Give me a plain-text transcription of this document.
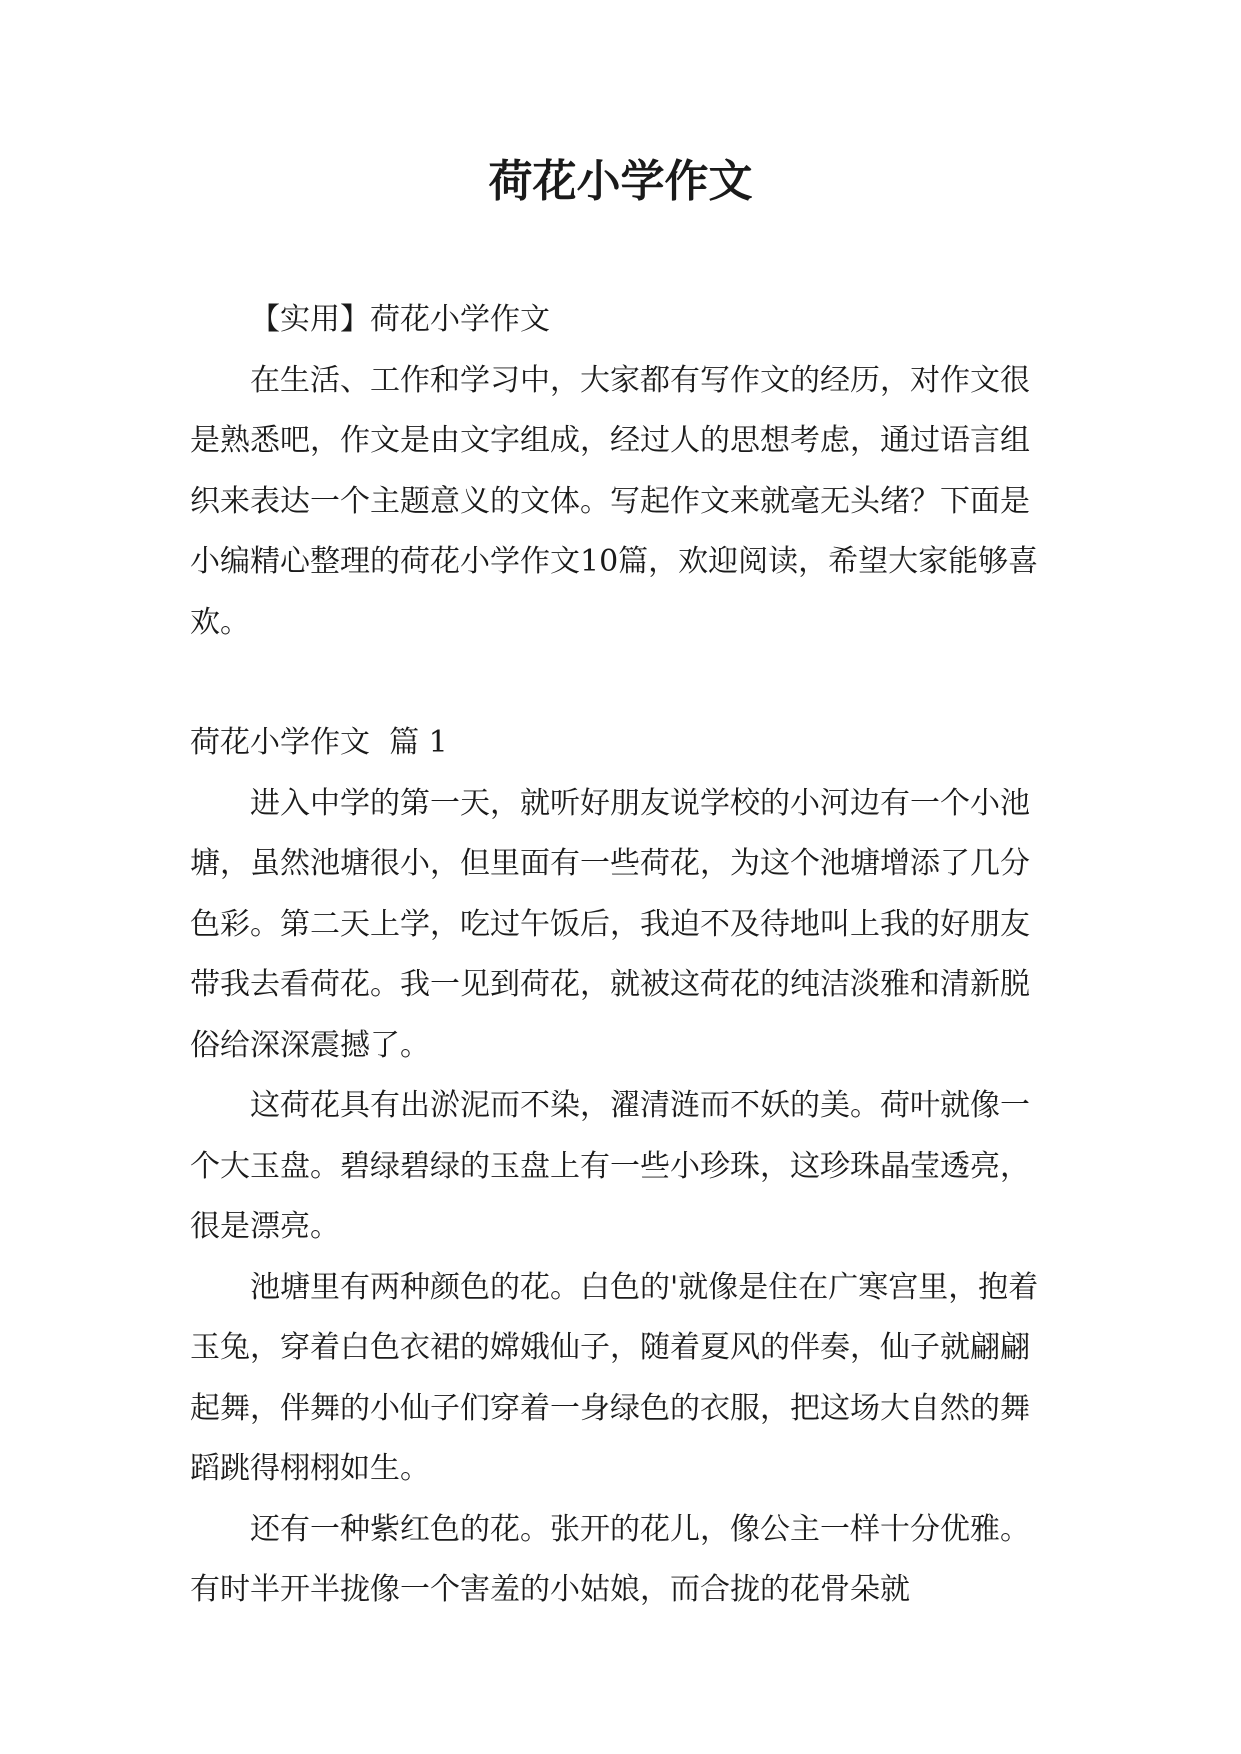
荷花小学作文

【实用】荷花小学作文

在生活、工作和学习中，大家都有写作文的经历，对作文很是熟悉吧，作文是由文字组成，经过人的思想考虑，通过语言组织来表达一个主题意义的文体。写起作文来就毫无头绪？下面是小编精心整理的荷花小学作文10篇，欢迎阅读，希望大家能够喜欢。

荷花小学作文  篇 1

进入中学的第一天，就听好朋友说学校的小河边有一个小池塘，虽然池塘很小，但里面有一些荷花，为这个池塘增添了几分色彩。第二天上学，吃过午饭后，我迫不及待地叫上我的好朋友带我去看荷花。我一见到荷花，就被这荷花的纯洁淡雅和清新脱俗给深深震撼了。

这荷花具有出淤泥而不染，濯清涟而不妖的美。荷叶就像一个大玉盘。碧绿碧绿的玉盘上有一些小珍珠，这珍珠晶莹透亮，很是漂亮。

池塘里有两种颜色的花。白色的'就像是住在广寒宫里，抱着玉兔，穿着白色衣裙的嫦娥仙子，随着夏风的伴奏，仙子就翩翩起舞，伴舞的小仙子们穿着一身绿色的衣服，把这场大自然的舞蹈跳得栩栩如生。

还有一种紫红色的花。张开的花儿，像公主一样十分优雅。有时半开半拢像一个害羞的小姑娘，而合拢的花骨朵就
